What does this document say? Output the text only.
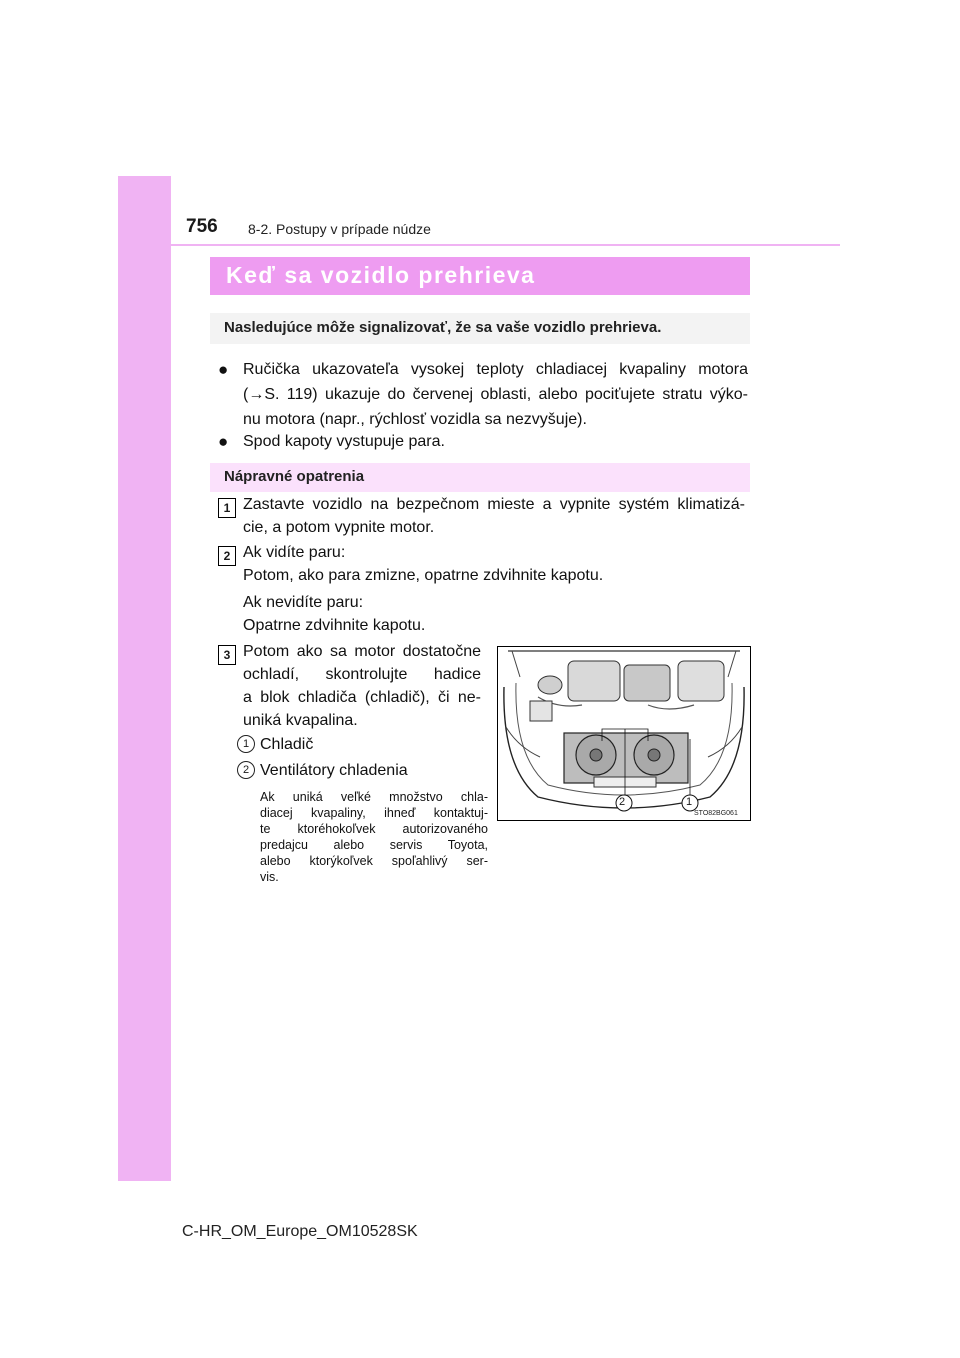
756 8-2. Postupy v prípade núdze
Keď sa vozidlo prehrieva
Nasledujúce môže signalizovať, že sa vaše vozidlo prehrieva.
● Ručička ukazovateľa vysokej teploty chladiacej kvapaliny motora
(→S. 119) ukazuje do červenej oblasti, alebo pociťujete stratu výko-
nu motora (napr., rýchlosť vozidla sa nezvyšuje).
● Spod kapoty vystupuje para.
Nápravné opatrenia
1 Zastavte vozidlo na bezpečnom mieste a vypnite systém klimatizá-
cie, a potom vypnite motor.
2 Ak vidíte paru:
Potom, ako para zmizne, opatrne zdvihnite kapotu.
Ak nevidíte paru:
Opatrne zdvihnite kapotu.
3 Potom ako sa motor dostatočne
ochladí, skontrolujte hadice
a blok chladiča (chladič), či ne-
uniká kvapalina.
1 Chladič
2 Ventilátory chladenia
Ak uniká veľké množstvo chla-
diacej kvapaliny, ihneď kontaktuj-
te ktoréhokoľvek autorizovaného
predajcu alebo servis Toyota,
alebo ktorýkoľvek spoľahlivý ser-
vis.
2	1
STO82BG061
C-HR_OM_Europe_OM10528SK
